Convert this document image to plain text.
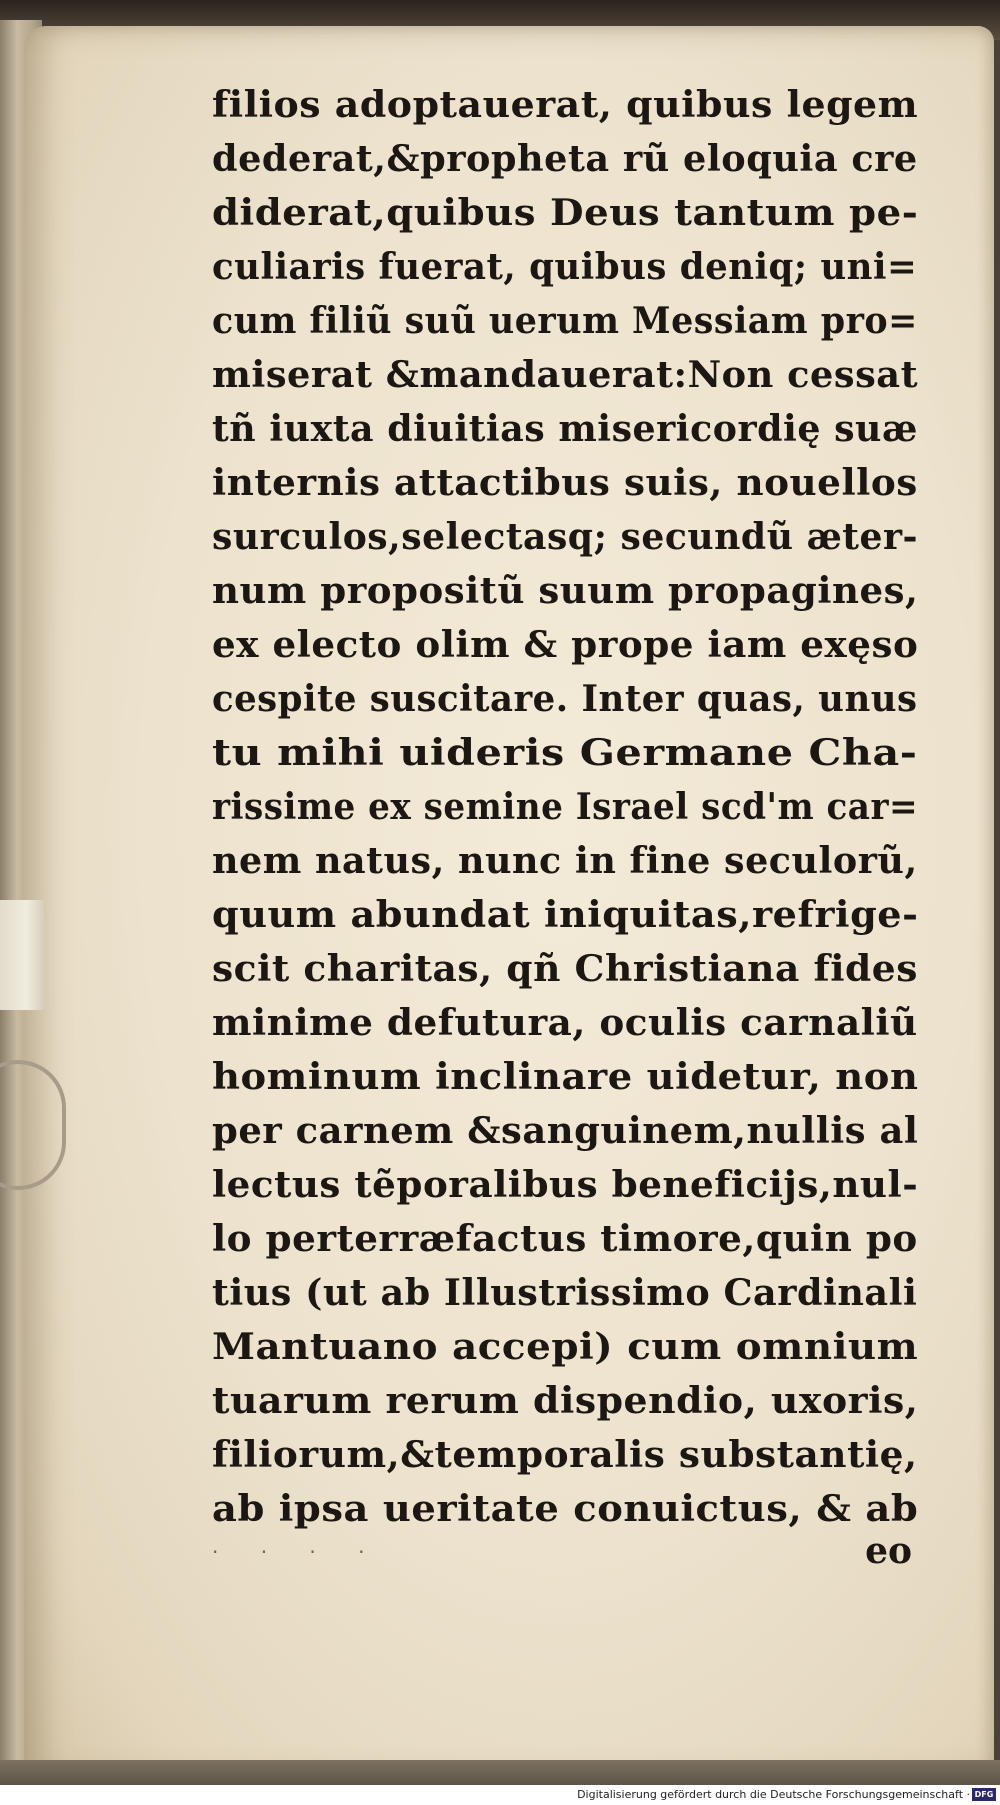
filios adoptauerat, quibus legem
dederat,&propheta rũ eloquia cre
diderat,quibus Deus tantum pe-
culiaris fuerat, quibus deniq; uni=
cum filiũ suũ uerum Messiam pro=
miserat &mandauerat:Non cessat
tñ iuxta diuitias misericordię suæ
internis attactibus suis, nouellos
surculos,selectasq; secundũ æter-
num propositũ suum propagines,
ex electo olim & prope iam exęso
cespite suscitare. Inter quas, unus
tu mihi uideris Germane Cha-
rissime ex semine Israel scd'm car=
nem natus, nunc in fine seculorũ,
quum abundat iniquitas,refrige-
scit charitas, qñ Christiana fides
minime defutura, oculis carnaliũ
hominum inclinare uidetur, non
per carnem &sanguinem,nullis al
lectus tẽporalibus beneficijs,nul-
lo perterræfactus timore,quin po
tius (ut ab Illustrissimo Cardinali
Mantuano accepi) cum omnium
tuarum rerum dispendio, uxoris,
filiorum,&temporalis substantię,
ab ipsa ueritate conuictus, & ab
· · · ·	eo
Digitalisierung gefördert durch die Deutsche Forschungsgemeinschaft · DFG
